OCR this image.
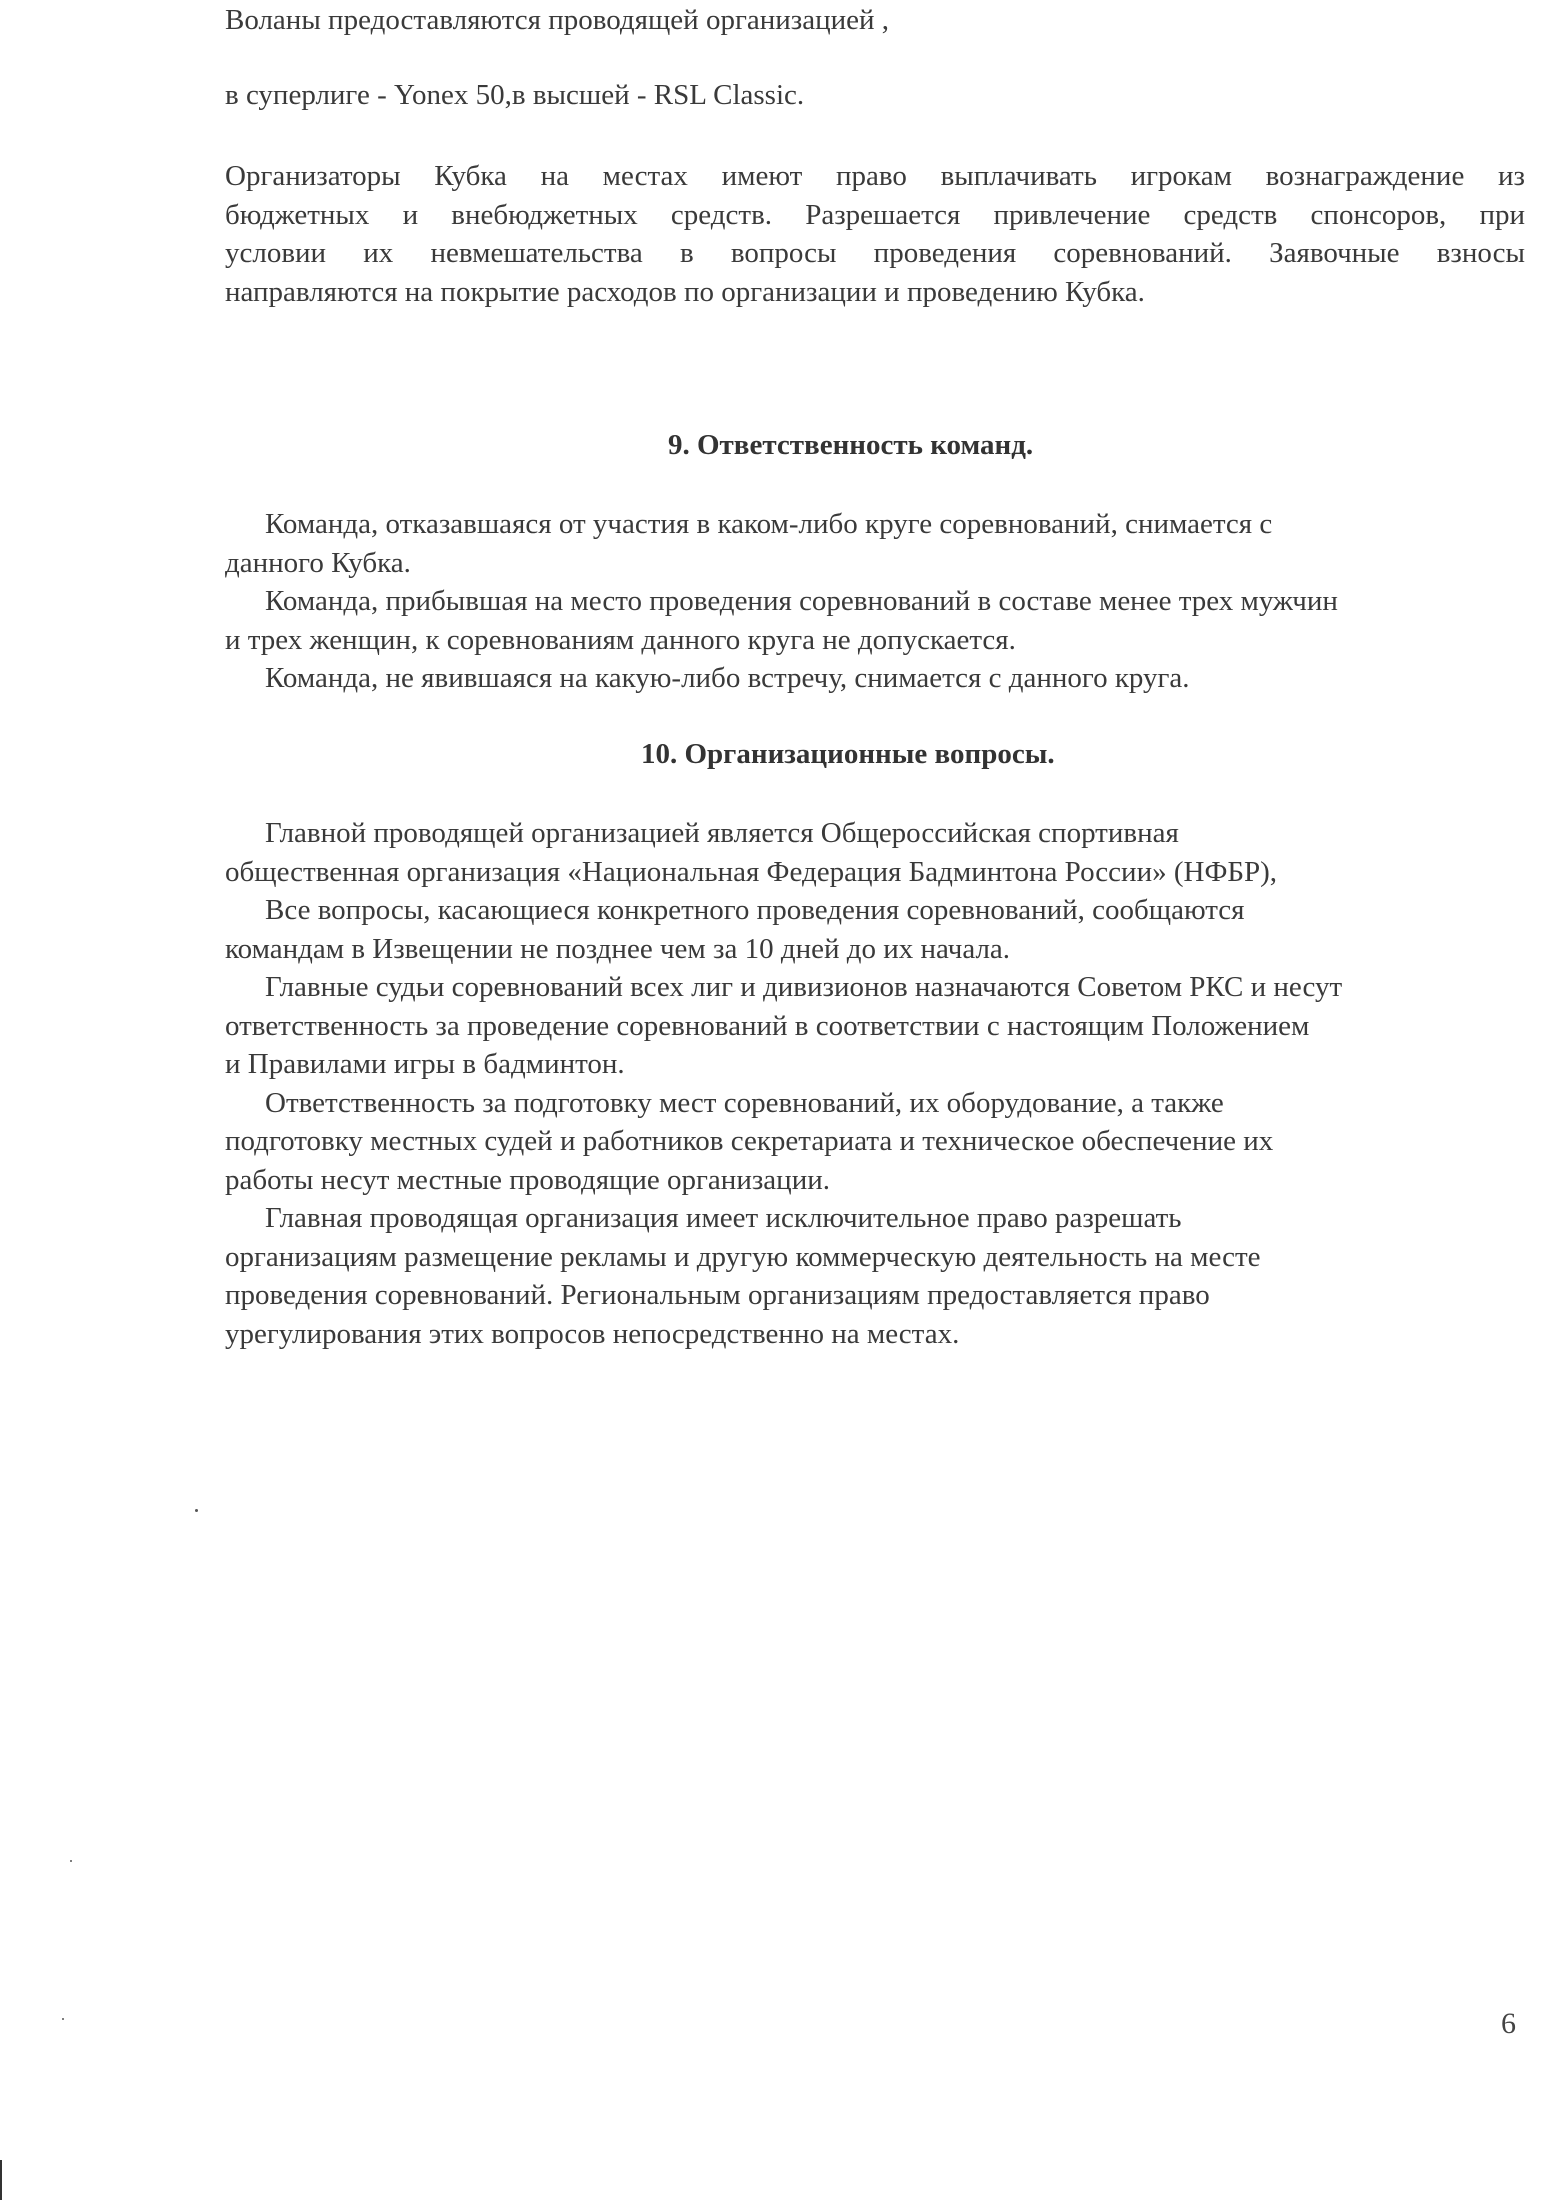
Воланы предоставляются проводящей организацией ,
в суперлиге - Yonex 50,в высшей - RSL Classic.
Организаторы Кубка на местах имеют право выплачивать игрокам вознаграждение из
бюджетных и внебюджетных средств. Разрешается привлечение средств спонсоров, при
условии их невмешательства в вопросы проведения соревнований. Заявочные взносы
направляются на покрытие расходов по организации и проведению Кубка.
9. Ответственность команд.
Команда, отказавшаяся от участия в каком-либо круге соревнований, снимается с
данного Кубка.
Команда, прибывшая на место проведения соревнований в составе менее трех мужчин
и трех женщин, к соревнованиям данного круга не допускается.
Команда, не явившаяся на какую-либо встречу, снимается с данного круга.
10. Организационные вопросы.
Главной проводящей организацией является Общероссийская спортивная
общественная организация «Национальная Федерация Бадминтона России» (НФБР),
Все вопросы, касающиеся конкретного проведения соревнований, сообщаются
командам в Извещении не позднее чем за 10 дней до их начала.
Главные судьи соревнований всех лиг и дивизионов назначаются Советом РКС и несут
ответственность за проведение соревнований в соответствии с настоящим Положением
и Правилами игры в бадминтон.
Ответственность за подготовку мест соревнований, их оборудование, а также
подготовку местных судей и работников секретариата и техническое обеспечение их
работы несут местные проводящие организации.
Главная проводящая организация имеет исключительное право разрешать
организациям размещение рекламы и другую коммерческую деятельность на месте
проведения соревнований. Региональным организациям предоставляется право
урегулирования этих вопросов непосредственно на местах.
6
